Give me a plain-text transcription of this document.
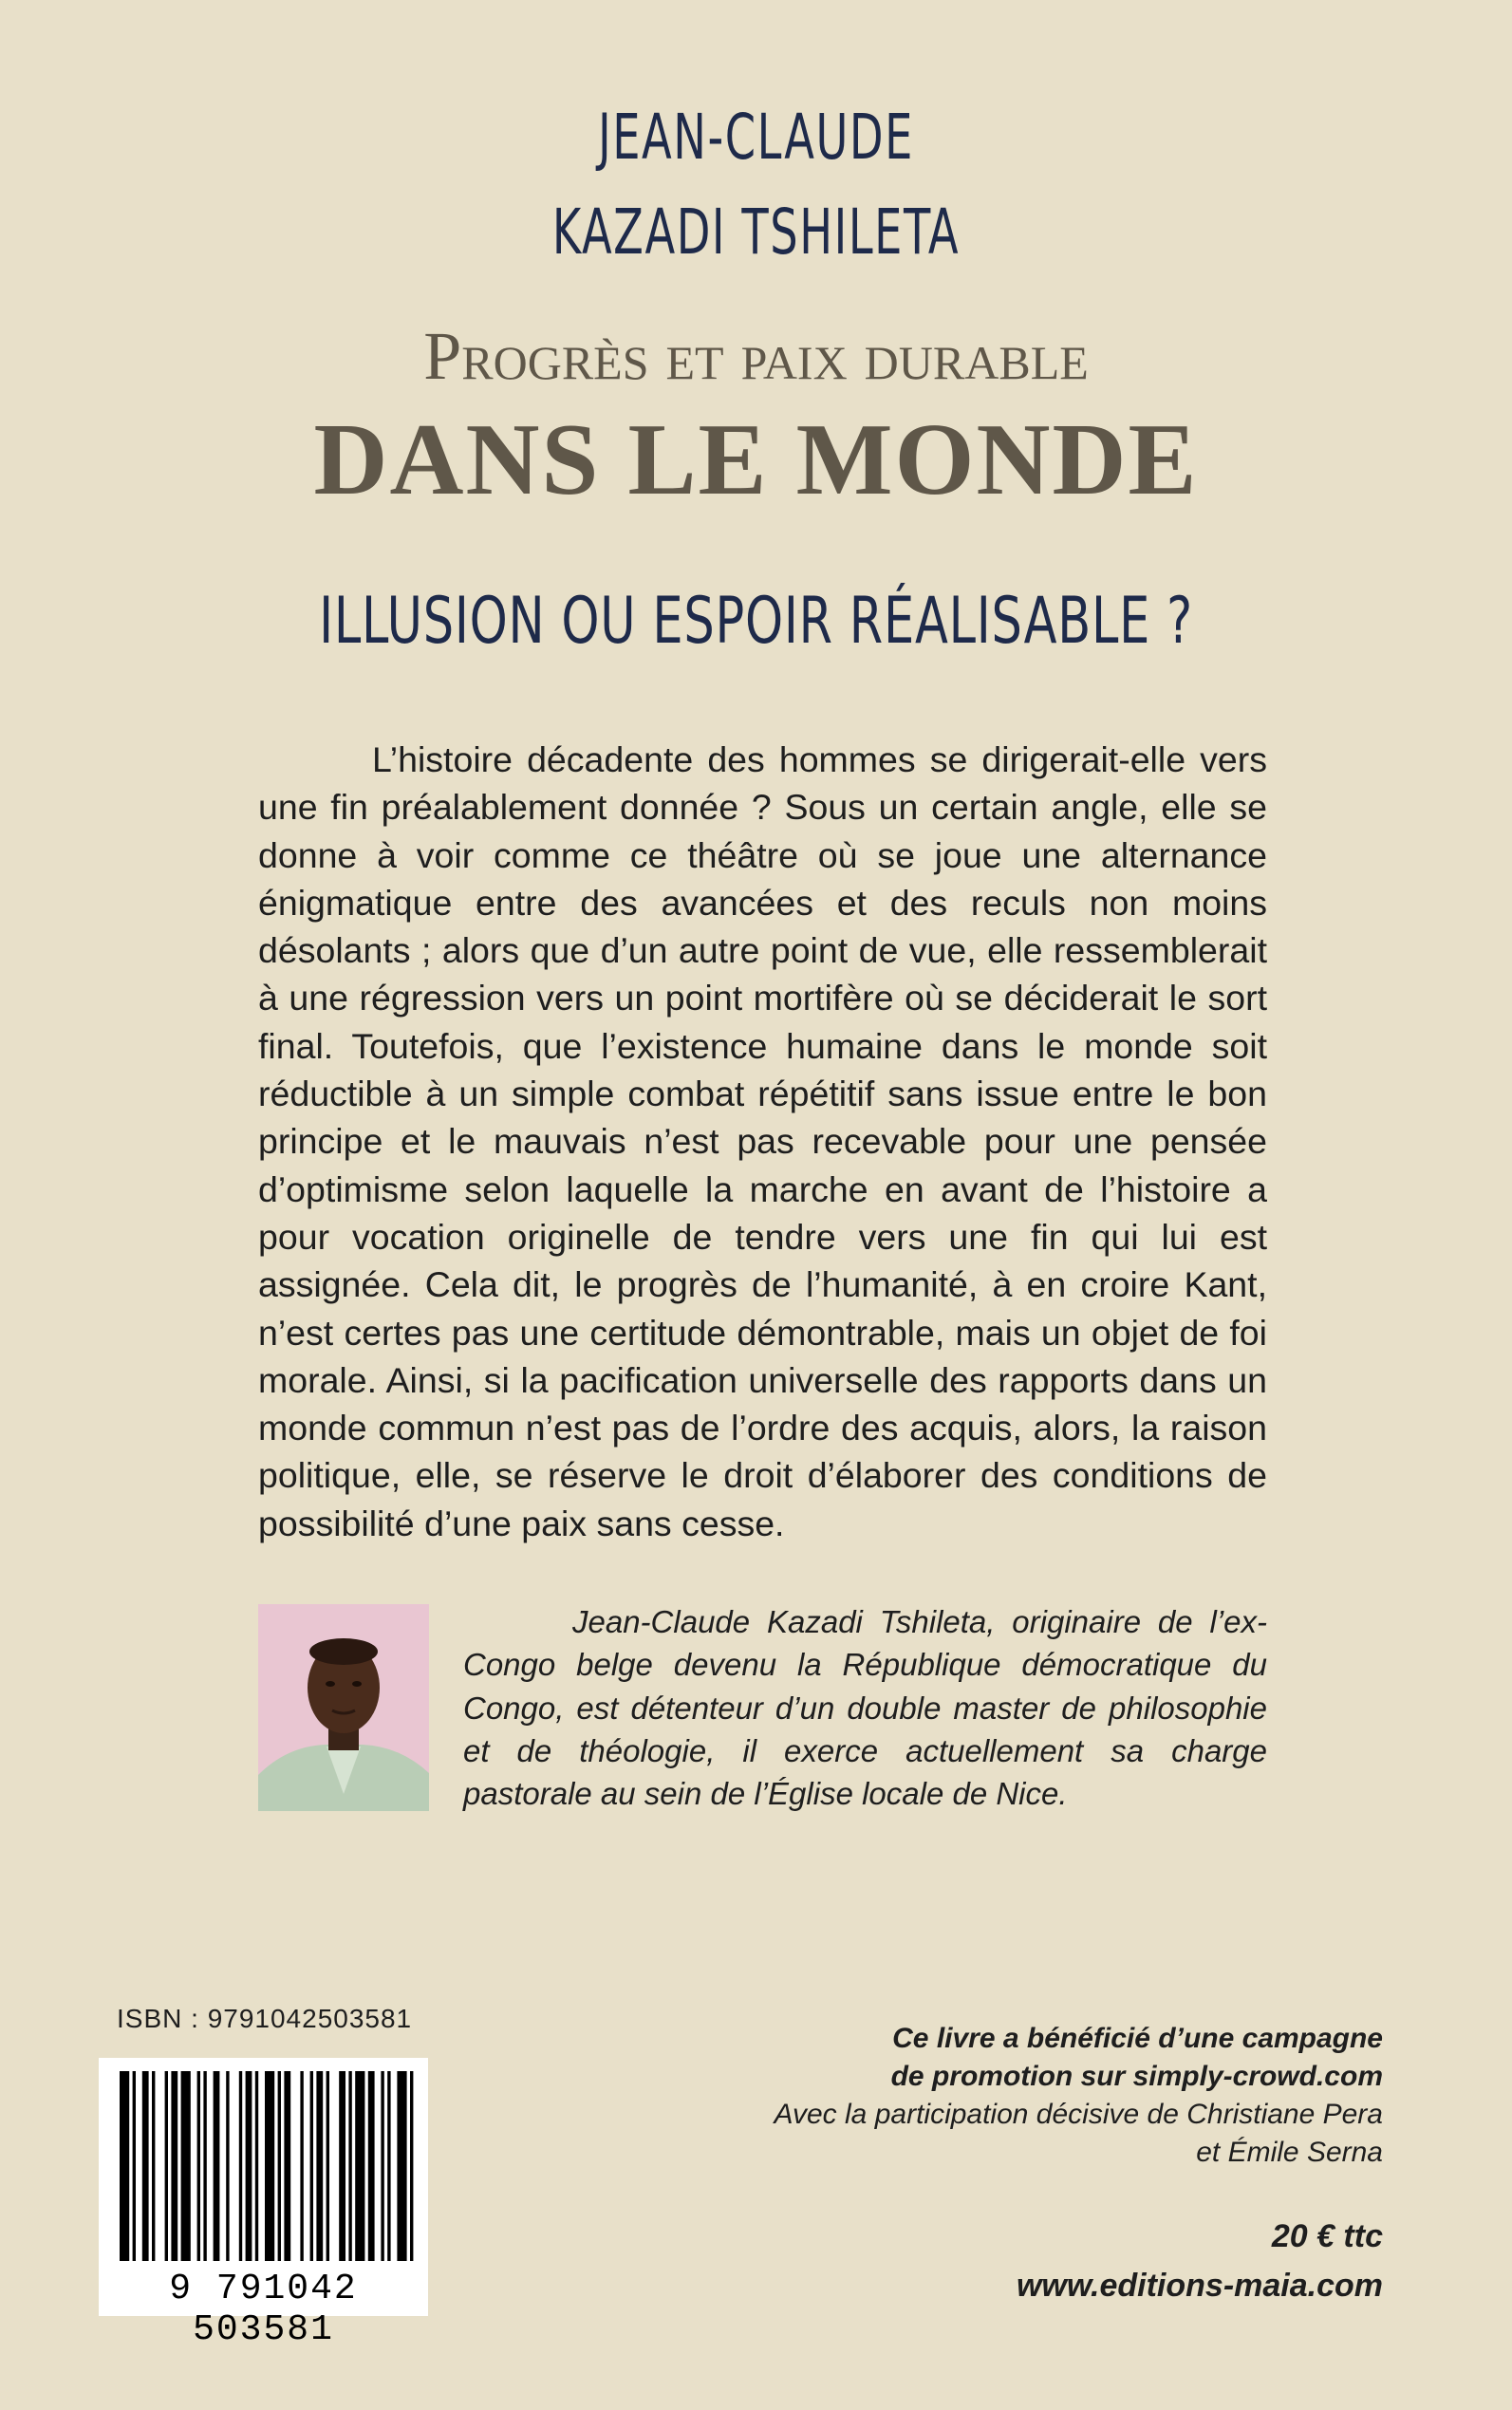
JEAN-CLAUDE
KAZADI TSHILETA
Progrès et paix durable
DANS LE MONDE
ILLUSION OU ESPOIR RÉALISABLE ?

L’histoire décadente des hommes se dirigerait-elle vers une fin préalablement donnée ? Sous un certain angle, elle se donne à voir comme ce théâtre où se joue une alternance énigmatique entre des avancées et des reculs non moins désolants ; alors que d’un autre point de vue, elle ressemblerait à une régression vers un point mortifère où se déciderait le sort final. Toutefois, que l’existence humaine dans le monde soit réductible à un simple combat répétitif sans issue entre le bon principe et le mauvais n’est pas recevable pour une pensée d’optimisme selon laquelle la marche en avant de l’histoire a pour vocation originelle de tendre vers une fin qui lui est assignée. Cela dit, le progrès de l’humanité, à en croire Kant, n’est certes pas une certitude démontrable, mais un objet de foi morale. Ainsi, si la pacification universelle des rapports dans un monde commun n’est pas de l’ordre des acquis, alors, la raison politique, elle, se réserve le droit d’élaborer des conditions de possibilité d’une paix sans cesse.

Jean-Claude Kazadi Tshileta, originaire de l’ex-Congo belge devenu la République démocratique du Congo, est détenteur d’un double master de philosophie et de théologie, il exerce actuellement sa charge pastorale au sein de l’Église locale de Nice.

ISBN : 9791042503581
9 791042 503581
Ce livre a bénéficié d’une campagne
de promotion sur simply-crowd.com
Avec la participation décisive de Christiane Pera
et Émile Serna
20 € ttc
www.editions-maia.com
